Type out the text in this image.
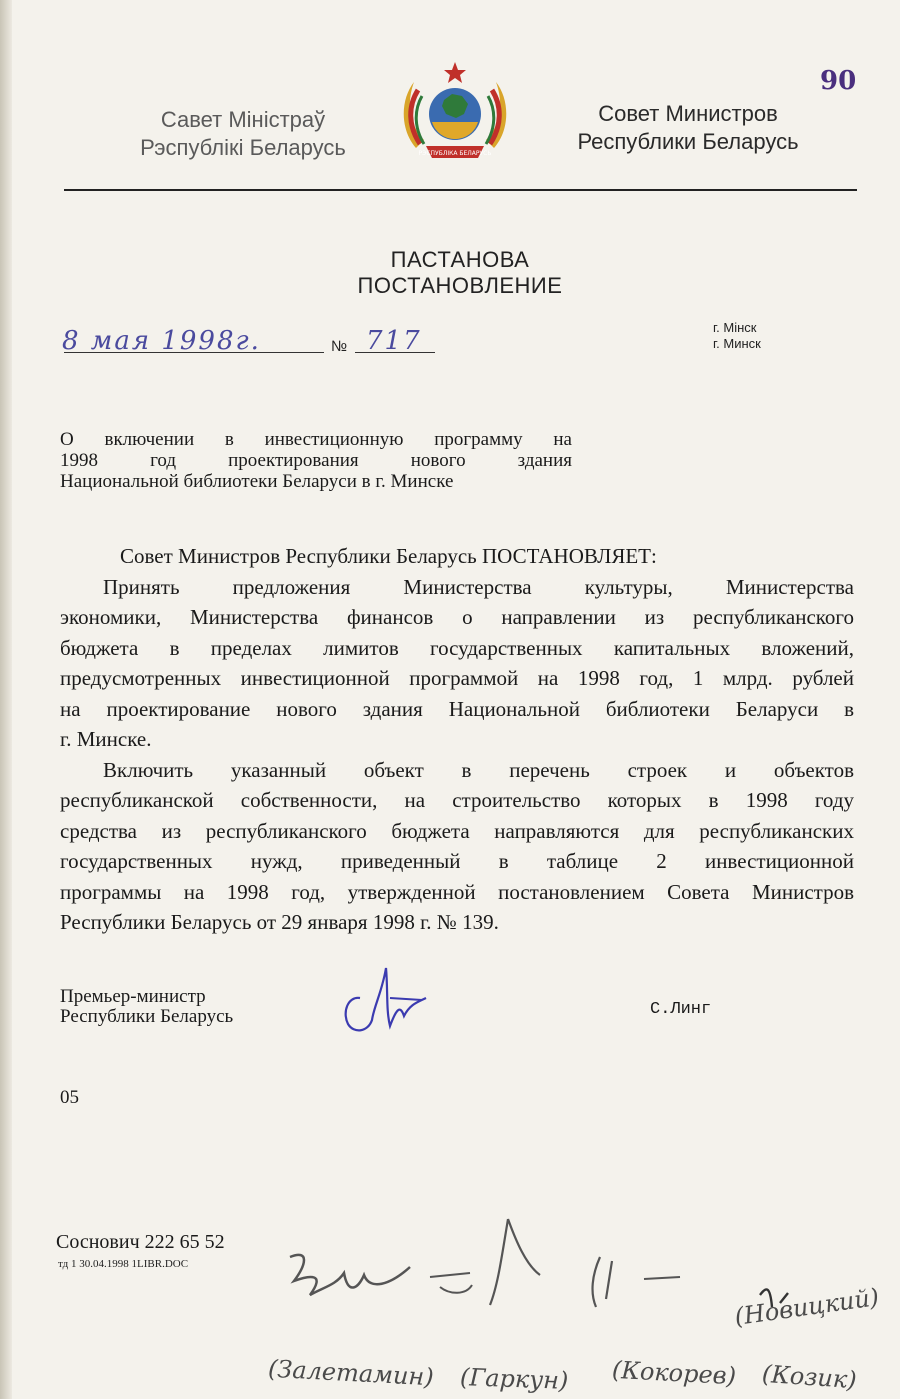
Савет Міністраў
Рэспублікі Беларусь	РЭСПУБЛІКА БЕЛАРУСЬ
Совет Министров
Республики Беларусь
90
ПАСТАНОВА
ПОСТАНОВЛЕНИЕ
8 мая 1998г.	№ 717	г. Мінск
г. Минск
О включении в инвестиционную программу на
1998 год проектирования нового здания
Национальной библиотеки Беларуси в г. Минске
Совет Министров Республики Беларусь ПОСТАНОВЛЯЕТ:
Принять предложения Министерства культуры, Министерства
экономики, Министерства финансов о направлении из республиканского
бюджета в пределах лимитов государственных капитальных вложений,
предусмотренных инвестиционной программой на 1998 год, 1 млрд. рублей
на проектирование нового здания Национальной библиотеки Беларуси в
г. Минске.
Включить указанный объект в перечень строек и объектов
республиканской собственности, на строительство которых в 1998 году
средства из республиканского бюджета направляются для республиканских
государственных нужд, приведенный в таблице 2 инвестиционной
программы на 1998 год, утвержденной постановлением Совета Министров
Республики Беларусь от 29 января 1998 г. № 139.
Премьер-министр
Республики Беларусь	С.Линг
05
Соснович 222 65 52
тд 1 30.04.1998 1LIBR.DOC
(Залетамин) (Гаркун) (Кокорев)
(Новицкий)
(Козик)
